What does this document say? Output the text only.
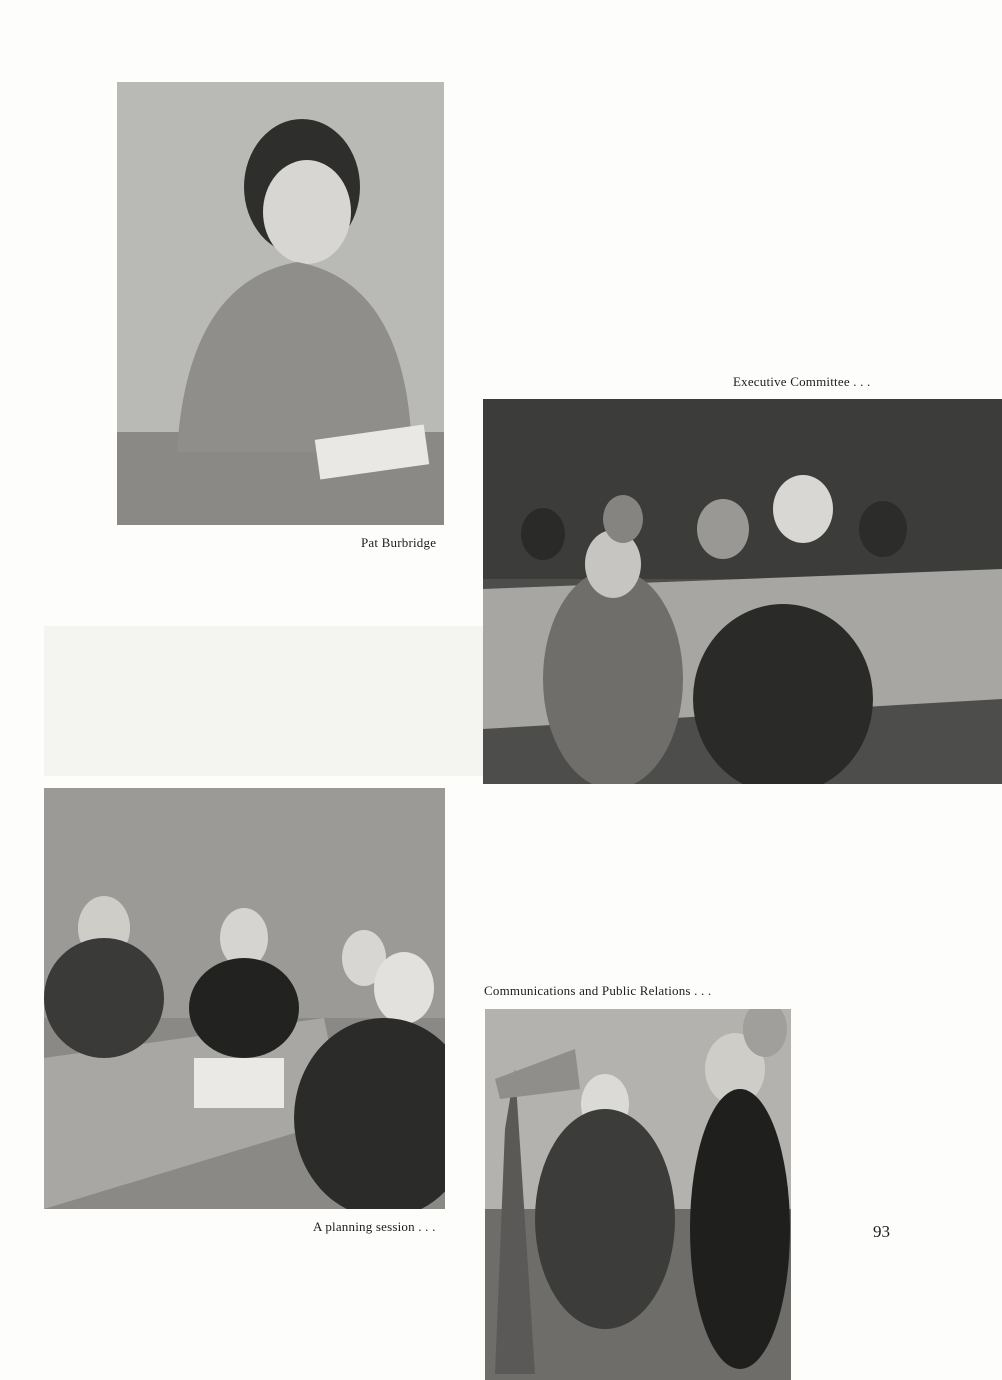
Pat Burbridge
Executive Committee . . .
A planning session . . .
Communications and Public Relations . . .
93
